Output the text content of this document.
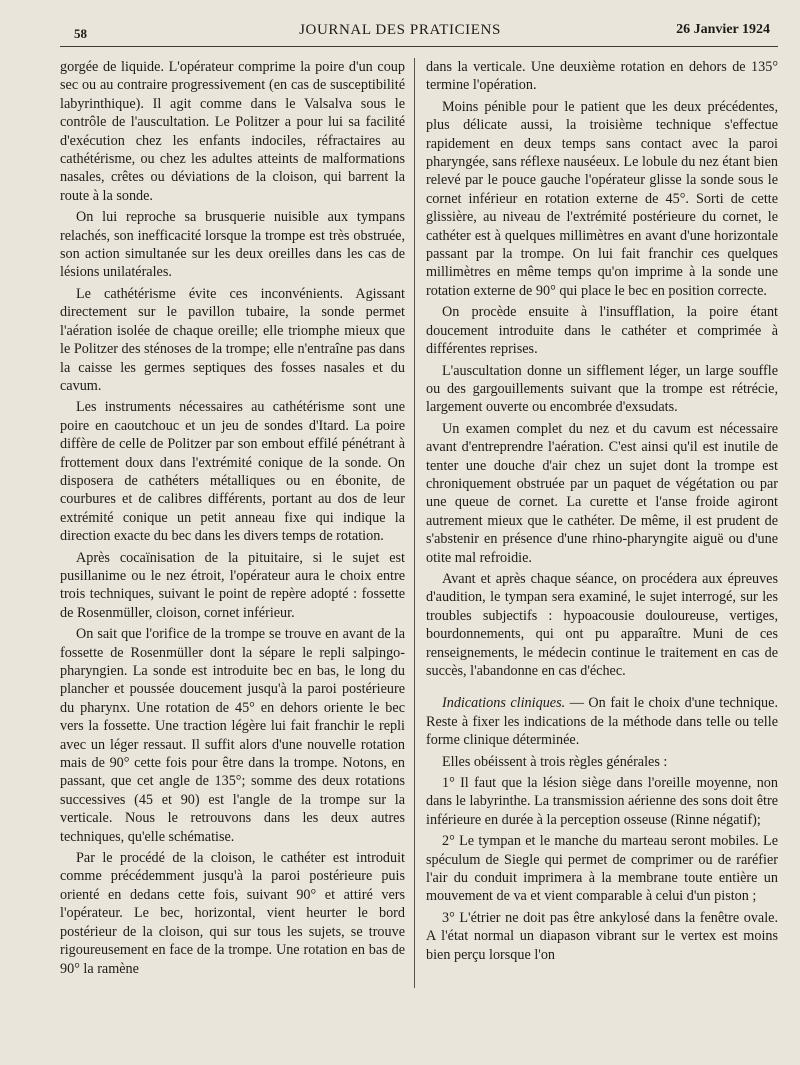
58	JOURNAL DES PRATICIENS	26 Janvier 1924

gorgée de liquide. L'opérateur comprime la poire d'un coup sec ou au contraire progressivement (en cas de susceptibilité labyrinthique). Il agit comme dans le Valsalva sous le contrôle de l'auscultation. Le Politzer a pour lui sa facilité d'exécution chez les enfants indociles, réfractaires au cathétérisme, ou chez les adultes atteints de malformations nasales, crêtes ou déviations de la cloison, qui barrent la route à la sonde.

On lui reproche sa brusquerie nuisible aux tympans relachés, son inefficacité lorsque la trompe est très obstruée, son action simultanée sur les deux oreilles dans les cas de lésions unilatérales.

Le cathétérisme évite ces inconvénients. Agissant directement sur le pavillon tubaire, la sonde permet l'aération isolée de chaque oreille; elle triomphe mieux que le Politzer des sténoses de la trompe; elle n'entraîne pas dans la caisse les germes septiques des fosses nasales et du cavum.

Les instruments nécessaires au cathétérisme sont une poire en caoutchouc et un jeu de sondes d'Itard. La poire diffère de celle de Politzer par son embout effilé pénétrant à frottement doux dans l'extrémité conique de la sonde. On disposera de cathéters métalliques ou en ébonite, de courbures et de calibres différents, portant au dos de leur extrémité conique un petit anneau fixe qui indique la direction exacte du bec dans les divers temps de rotation.

Après cocaïnisation de la pituitaire, si le sujet est pusillanime ou le nez étroit, l'opérateur aura le choix entre trois techniques, suivant le point de repère adopté : fossette de Rosenmüller, cloison, cornet inférieur.

On sait que l'orifice de la trompe se trouve en avant de la fossette de Rosenmüller dont la sépare le repli salpingo-pharyngien. La sonde est introduite bec en bas, le long du plancher et poussée doucement jusqu'à la paroi postérieure du pharynx. Une rotation de 45° en dehors oriente le bec vers la fossette. Une traction légère lui fait franchir le repli avec un léger ressaut. Il suffit alors d'une nouvelle rotation mais de 90° cette fois pour être dans la trompe. Notons, en passant, que cet angle de 135°; somme des deux rotations successives (45 et 90) est l'angle de la trompe sur la verticale. Nous le retrouvons dans les deux autres techniques, qu'elle schématise.

Par le procédé de la cloison, le cathéter est introduit comme précédemment jusqu'à la paroi postérieure puis orienté en dedans cette fois, suivant 90° et attiré vers l'opérateur. Le bec, horizontal, vient heurter le bord postérieur de la cloison, qui sur tous les sujets, se trouve rigoureusement en face de la trompe. Une rotation en bas de 90° la ramène

dans la verticale. Une deuxième rotation en dehors de 135° termine l'opération.

Moins pénible pour le patient que les deux précédentes, plus délicate aussi, la troisième technique s'effectue rapidement en deux temps sans contact avec la paroi pharyngée, sans réflexe nauséeux. Le lobule du nez étant bien relevé par le pouce gauche l'opérateur glisse la sonde sous le cornet inférieur en rotation externe de 45°. Sorti de cette glissière, au niveau de l'extrémité postérieure du cornet, le cathéter est à quelques millimètres en avant d'une horizontale passant par la trompe. On lui fait franchir ces quelques millimètres en même temps qu'on imprime à la sonde une rotation externe de 90° qui place le bec en position correcte.

On procède ensuite à l'insufflation, la poire étant doucement introduite dans le cathéter et comprimée à différentes reprises.

L'auscultation donne un sifflement léger, un large souffle ou des gargouillements suivant que la trompe est rétrécie, largement ouverte ou encombrée d'exsudats.

Un examen complet du nez et du cavum est nécessaire avant d'entreprendre l'aération. C'est ainsi qu'il est inutile de tenter une douche d'air chez un sujet dont la trompe est chroniquement obstruée par un paquet de végétation ou par une queue de cornet. La curette et l'anse froide agiront autrement mieux que le cathéter. De même, il est prudent de s'abstenir en présence d'une rhino-pharyngite aiguë ou d'une otite mal refroidie.

Avant et après chaque séance, on procédera aux épreuves d'audition, le tympan sera examiné, le sujet interrogé, sur les troubles subjectifs : hypoacousie douloureuse, vertiges, bourdonnements, qui ont pu apparaître. Muni de ces renseignements, le médecin continue le traitement en cas de succès, l'abandonne en cas d'échec.

Indications cliniques. — On fait le choix d'une technique. Reste à fixer les indications de la méthode dans telle ou telle forme clinique déterminée.

Elles obéissent à trois règles générales :

1° Il faut que la lésion siège dans l'oreille moyenne, non dans le labyrinthe. La transmission aérienne des sons doit être inférieure en durée à la perception osseuse (Rinne négatif);

2° Le tympan et le manche du marteau seront mobiles. Le spéculum de Siegle qui permet de comprimer ou de raréfier l'air du conduit imprimera à la membrane toute entière un mouvement de va et vient comparable à celui d'un piston ;

3° L'étrier ne doit pas être ankylosé dans la fenêtre ovale. A l'état normal un diapason vibrant sur le vertex est moins bien perçu lorsque l'on
